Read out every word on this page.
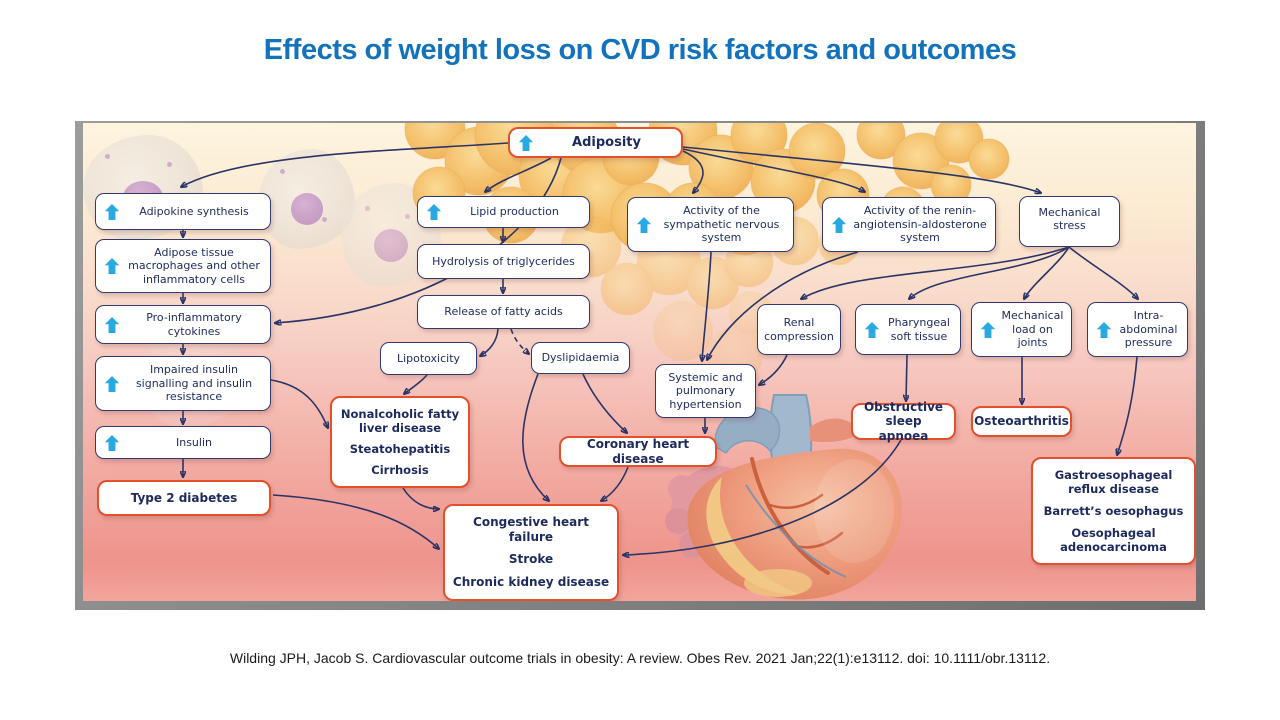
Effects of weight loss on CVD risk factors and outcomes
Adiposity
Adipokine synthesis
Adipose tissue macrophages and other inflammatory cells
Pro-inflammatory cytokines
Impaired insulin signalling and insulin resistance
Insulin
Type 2 diabetes
Lipid production
Hydrolysis of triglycerides
Release of fatty acids
Lipotoxicity	Dyslipidaemia
Nonalcoholic fatty liver disease
Steatohepatitis
Cirrhosis
Coronary heart disease
Congestive heart failure
Stroke
Chronic kidney disease
Activity of the sympathetic nervous system
Activity of the renin-angiotensin-aldosterone system
Mechanical stress
Renal compression
Pharyngeal soft tissue
Mechanical load on joints
Intra-abdominal pressure
Systemic and pulmonary hypertension	Obstructive sleep apnoea
Osteoarthritis
Gastroesophageal reflux disease
Barrett’s oesophagus
Oesophageal adenocarcinoma
Wilding JPH, Jacob S. Cardiovascular outcome trials in obesity: A review. Obes Rev. 2021 Jan;22(1):e13112. doi: 10.1111/obr.13112.
